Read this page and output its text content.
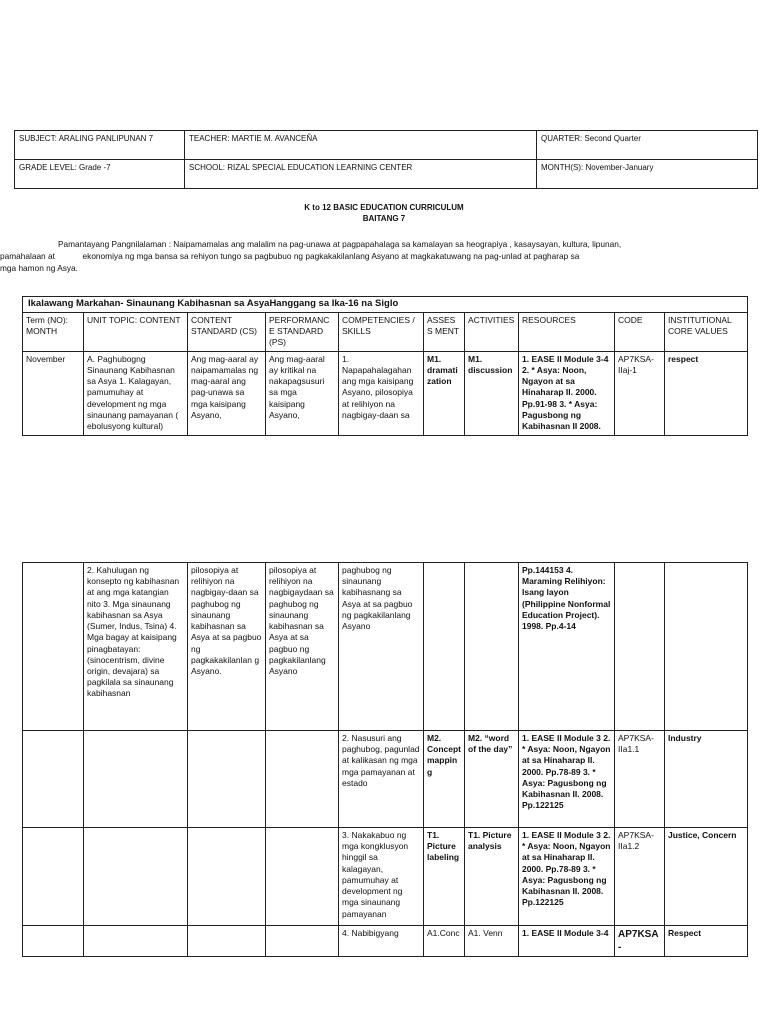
SUBJECT: ARALING PANLIPUNAN 7	TEACHER: MARTIE M. AVANCEÑA	QUARTER: Second Quarter
GRADE LEVEL: Grade -7	SCHOOL: RIZAL SPECIAL EDUCATION LEARNING CENTER	MONTH(S): November-January
K to 12 BASIC EDUCATION CURRICULUM
BAITANG 7
Pamantayang Pangnilalaman : Naipamamalas ang malalim na pag-unawa at pagpapahalaga sa kamalayan sa heograpiya , kasaysayan, kultura, lipunan,
pamahalaan at            ekonomiya ng mga bansa sa rehiyon tungo sa pagbubuo ng pagkakakilanlang Asyano at magkakatuwang na pag-unlad at pagharap sa
mga hamon ng Asya.
Ikalawang Markahan- Sinaunang Kabihasnan sa AsyaHanggang sa Ika-16 na Siglo									
Term (NO): MONTH	UNIT TOPIC: CONTENT	CONTENT STANDARD (CS)	PERFORMANCE STANDARD (PS)	COMPETENCIES / SKILLS	ASSESS MENT	ACTIVITIES	RESOURCES	CODE	INSTITUTIONAL CORE VALUES
November	A. Paghubogng Sinaunang Kabihasnan sa Asya 1. Kalagayan, pamumuhay at development ng mga sinaunang pamayanan ( ebolusyong kultural)	Ang mag-aaral ay naipamamalas ng mag-aaral ang pag-unawa sa mga kaisipang Asyano,	Ang mag-aaral ay kritikal na nakapagsusuri sa mga kaisipang Asyano,	1. Napapahalagahan ang mga kaisipang Asyano, pilosopiya at relihiyon na nagbigay-daan sa	M1. dramatization	M1. discussion	1. EASE II Module 3-4 2. * Asya: Noon, Ngayon at sa Hinaharap II. 2000. Pp.91-98 3. * Asya: Pagusbong ng Kabihasnan II 2008.	AP7KSA-IIaj-1	respect
	2. Kahulugan ng konsepto ng kabihasnan at ang mga katangian nito 3. Mga sinaunang kabihasnan sa Asya (Sumer, Indus, Tsina) 4. Mga bagay at kaisipang pinagbatayan: (sinocentrism, divine origin, devajara) sa pagkilala sa sinaunang kabihasnan	pilosopiya at relihiyon na nagbigay-daan sa paghubog ng sinaunang kabihasnan sa Asya at sa pagbuo ng pagkakakilanlan g Asyano.	pilosopiya at relihiyon na nagbigaydaan sa paghubog ng sinaunang kabihasnan sa Asya at sa pagbuo ng pagkakilanlang Asyano	paghubog ng sinaunang kabihasnang sa Asya at sa pagbuo ng pagkakilanlang Asyano			Pp.144153 4. Maraming Relihiyon: Isang layon (Philippine Nonformal Education Project). 1998. Pp.4-14		
				2. Nasusuri ang paghubog, pagunlad at kalikasan ng mga mga pamayanan at estado	M2. Concept mapping	M2. “word of the day”	1. EASE II Module 3 2. * Asya: Noon, Ngayon at sa Hinaharap II. 2000. Pp.78-89 3. * Asya: Pagusbong ng Kabihasnan II. 2008. Pp.122125	AP7KSA-IIa1.1	Industry
				3. Nakakabuo ng mga kongklusyon hinggil sa kalagayan, pamumuhay at development ng mga sinaunang pamayanan	T1. Picture labeling	T1. Picture analysis	1. EASE II Module 3 2. * Asya: Noon, Ngayon at sa Hinaharap II. 2000. Pp.78-89 3. * Asya: Pagusbong ng Kabihasnan II. 2008. Pp.122125	AP7KSA-IIa1.2	Justice, Concern
				4. Nabibigyang	A1.Conc	A1. Venn	1. EASE II Module 3-4	AP7KSA-	Respect
